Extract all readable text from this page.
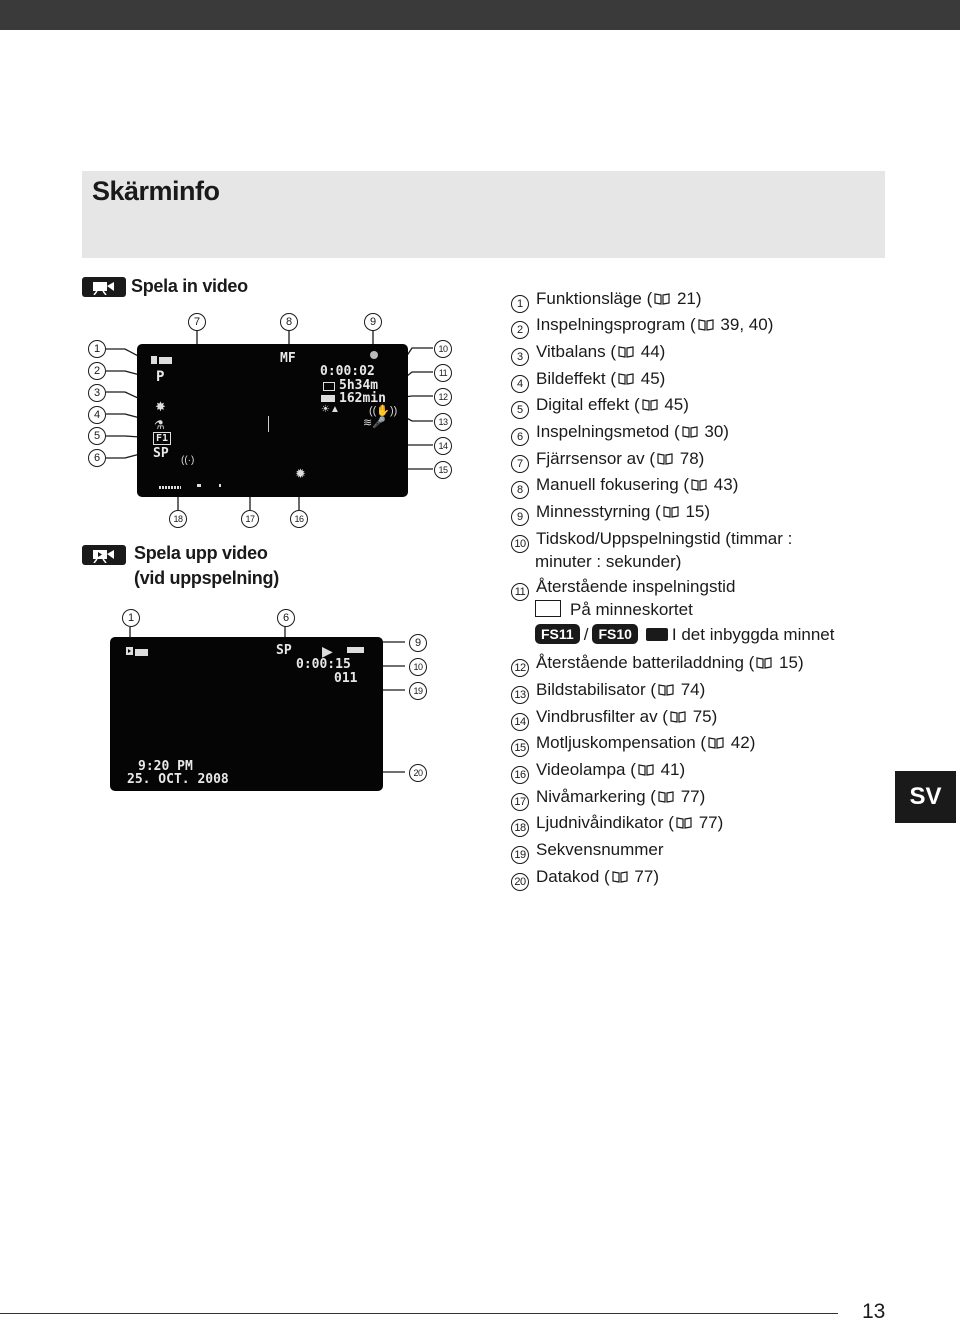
Skärminfo
Spela in video
P
✸
⚗
F1
SP ((·)
MF
0:00:02
5h34m
162min
☀▲	((✋))
≋🎤
✹
1
2
3
4
5
6
7	8	9
10
11
12
13
14
15
18	17	16
Spela upp video
(vid uppspelning)
1	6
9
10
19
20
SP ▶
0:00:15
011
9:20 PM
25. OCT. 2008
1 Funktionsläge ( 21)
2 Inspelningsprogram ( 39, 40)
3 Vitbalans ( 44)
4 Bildeffekt ( 45)
5 Digital effekt ( 45)
6 Inspelningsmetod ( 30)
7 Fjärrsensor av ( 78)
8 Manuell fokusering ( 43)
9 Minnesstyrning ( 15)
10 Tidskod/Uppspelningstid (timmar :
minuter : sekunder)
11 Återstående inspelningstid
På minneskortet
FS11 / FS10 I det inbyggda minnet
12 Återstående batteriladdning ( 15)
13 Bildstabilisator ( 74)
14 Vindbrusfilter av ( 75)
15 Motljuskompensation ( 42)
16 Videolampa ( 41)
17 Nivåmarkering ( 77)
18 Ljudnivåindikator ( 77)
19 Sekvensnummer
20 Datakod ( 77)
SV
13
